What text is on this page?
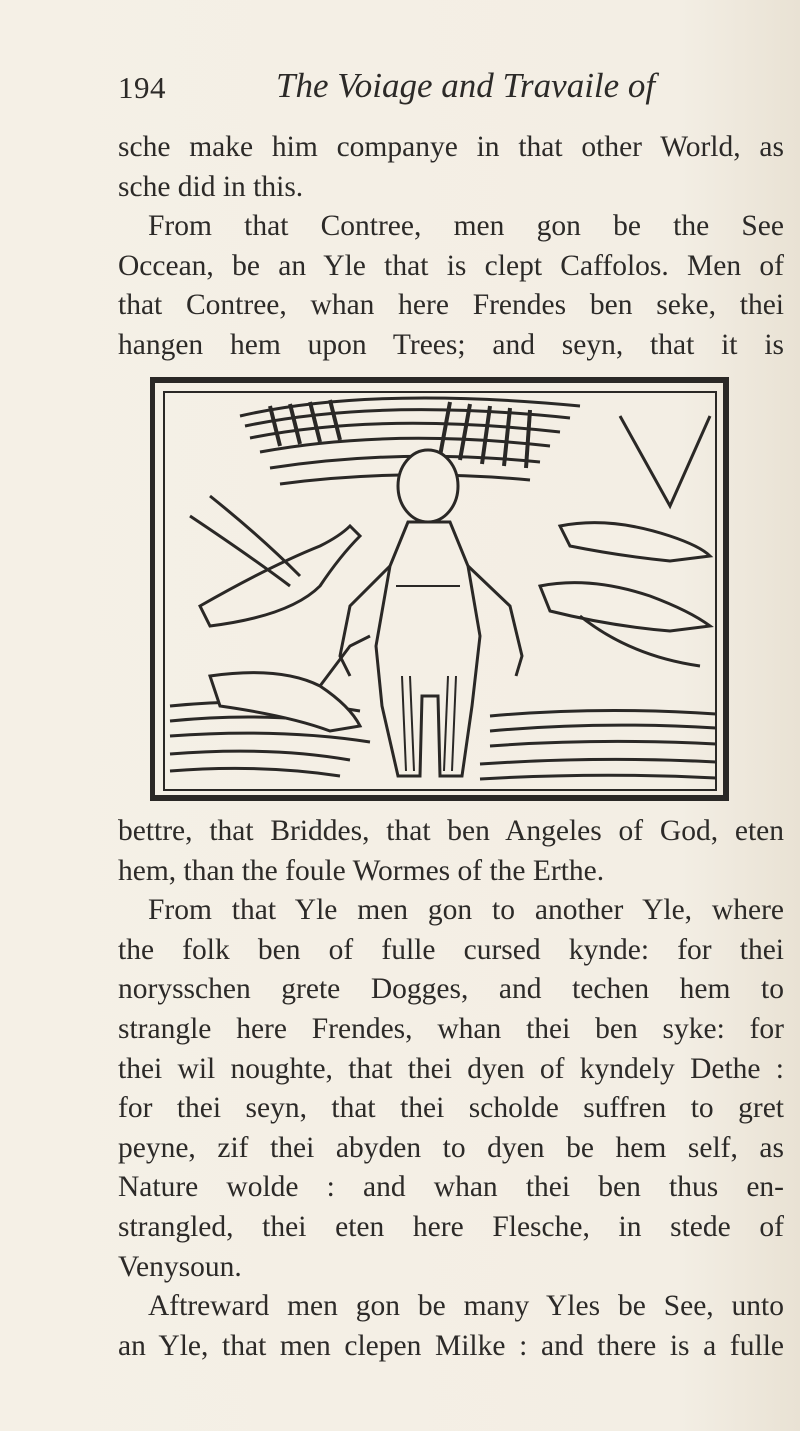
194	The Voiage and Travaile of

sche make him companye in that other World, as

sche did in this.

From that Contree, men gon be the See

Occean, be an Yle that is clept Caffolos. Men of

that Contree, whan here Frendes ben seke, thei

hangen hem upon Trees; and seyn, that it is

bettre, that Briddes, that ben Angeles of God, eten

hem, than the foule Wormes of the Erthe.

From that Yle men gon to another Yle, where

the folk ben of fulle cursed kynde: for thei

norysschen grete Dogges, and techen hem to

strangle here Frendes, whan thei ben syke: for

thei wil noughte, that thei dyen of kyndely Dethe :

for thei seyn, that thei scholde suffren to gret

peyne, zif thei abyden to dyen be hem self, as

Nature wolde : and whan thei ben thus en-

strangled, thei eten here Flesche, in stede of

Venysoun.

Aftreward men gon be many Yles be See, unto

an Yle, that men clepen Milke : and there is a fulle
